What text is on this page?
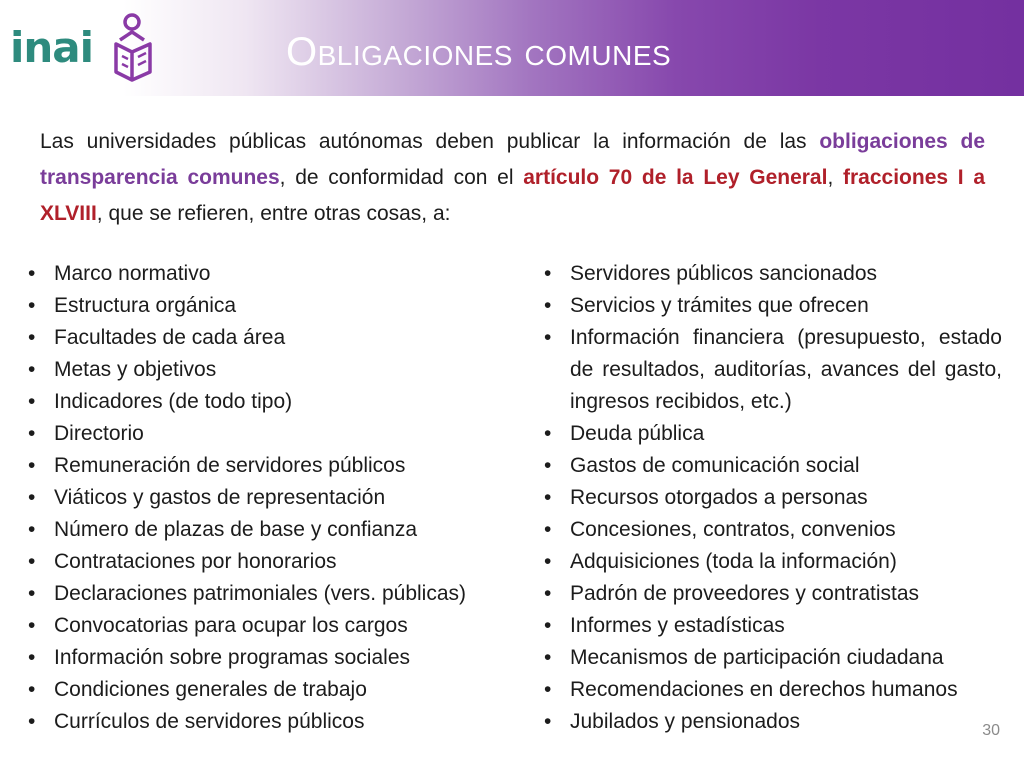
inai	Obligaciones comunes

Las universidades públicas autónomas deben publicar la información de las obligaciones de transparencia comunes, de conformidad con el artículo 70 de la Ley General, fracciones I a XLVIII, que se refieren, entre otras cosas, a:

• Marco normativo
• Estructura orgánica
• Facultades de cada área
• Metas y objetivos
• Indicadores (de todo tipo)
• Directorio
• Remuneración de servidores públicos
• Viáticos y gastos de representación
• Número de plazas de base y confianza
• Contrataciones por honorarios
• Declaraciones patrimoniales (vers. públicas)
• Convocatorias para ocupar los cargos
• Información sobre programas sociales
• Condiciones generales de trabajo
• Currículos de servidores públicos
• Servidores públicos sancionados
• Servicios y trámites que ofrecen
• Información financiera (presupuesto, estado de resultados, auditorías, avances del gasto, ingresos recibidos, etc.)
• Deuda pública
• Gastos de comunicación social
• Recursos otorgados a personas
• Concesiones, contratos, convenios
• Adquisiciones (toda la información)
• Padrón de proveedores y contratistas
• Informes y estadísticas
• Mecanismos de participación ciudadana
• Recomendaciones en derechos humanos
• Jubilados y pensionados	30
